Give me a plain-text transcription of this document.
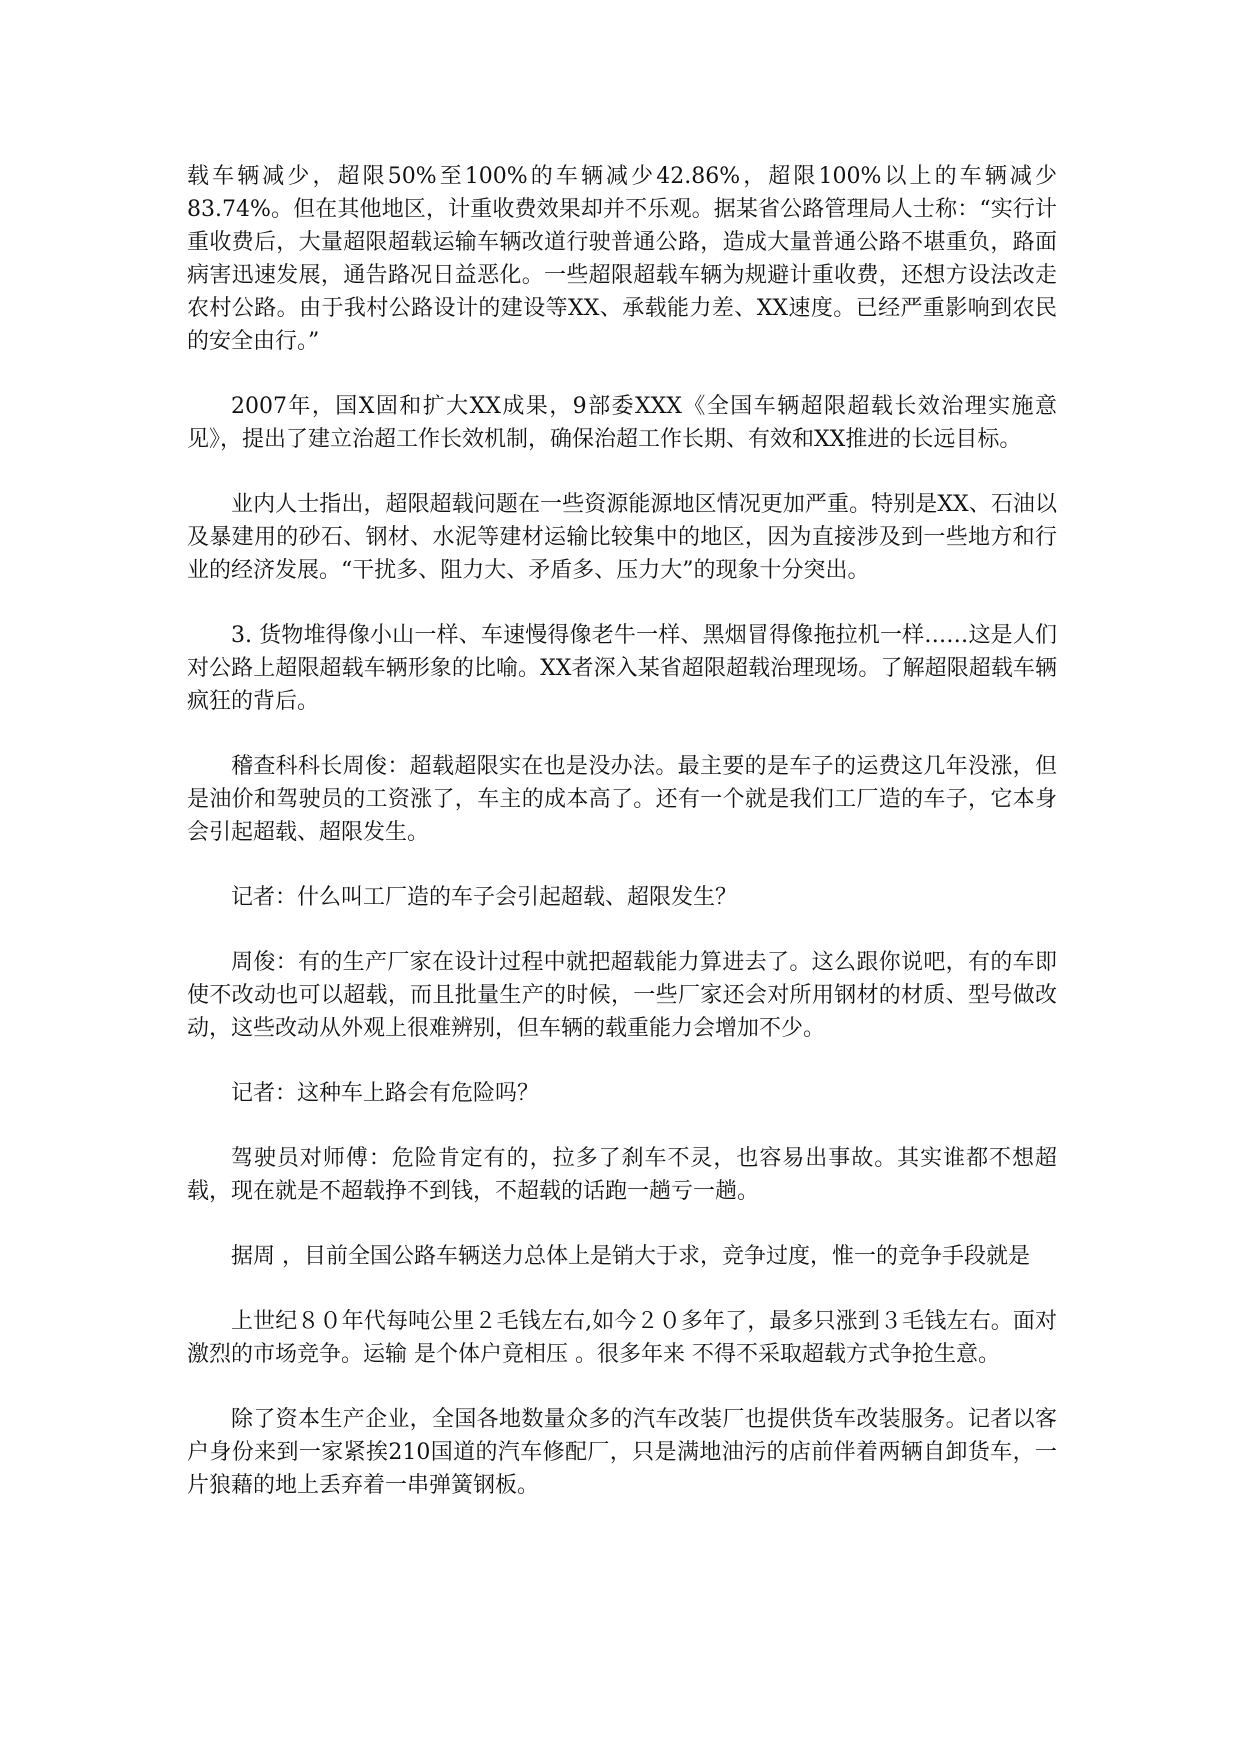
载车辆减少，超限50%至100%的车辆减少42.86%，超限100%以上的车辆减少83.74%。但在其他地区，计重收费效果却并不乐观。据某省公路管理局人士称：“实行计重收费后，大量超限超载运输车辆改道行驶普通公路，造成大量普通公路不堪重负，路面病害迅速发展，通告路况日益恶化。一些超限超载车辆为规避计重收费，还想方设法改走农村公路。由于我村公路设计的建设等XX、承载能力差、XX速度。已经严重影响到农民的安全由行。”

2007年，国X固和扩大XX成果，9部委XXX《全国车辆超限超载长效治理实施意见》，提出了建立治超工作长效机制，确保治超工作长期、有效和XX推进的长远目标。

业内人士指出，超限超载问题在一些资源能源地区情况更加严重。特别是XX、石油以及暴建用的砂石、钢材、水泥等建材运输比较集中的地区，因为直接涉及到一些地方和行业的经济发展。“干扰多、阻力大、矛盾多、压力大”的现象十分突出。

3. 货物堆得像小山一样、车速慢得像老牛一样、黑烟冒得像拖拉机一样……这是人们对公路上超限超载车辆形象的比喻。XX者深入某省超限超载治理现场。了解超限超载车辆疯狂的背后。

稽查科科长周俊：超载超限实在也是没办法。最主要的是车子的运费这几年没涨，但是油价和驾驶员的工资涨了，车主的成本高了。还有一个就是我们工厂造的车子，它本身会引起超载、超限发生。

记者：什么叫工厂造的车子会引起超载、超限发生？

周俊：有的生产厂家在设计过程中就把超载能力算进去了。这么跟你说吧，有的车即使不改动也可以超载，而且批量生产的时候，一些厂家还会对所用钢材的材质、型号做改动，这些改动从外观上很难辨别，但车辆的载重能力会增加不少。

记者：这种车上路会有危险吗？

驾驶员对师傅：危险肯定有的，拉多了刹车不灵，也容易出事故。其实谁都不想超载，现在就是不超载挣不到钱，不超载的话跑一趟亏一趟。

据周 ，目前全国公路车辆送力总体上是销大于求，竞争过度，惟一的竞争手段就是

上世纪８０年代每吨公里２毛钱左右,如今２０多年了，最多只涨到３毛钱左右。面对激烈的市场竞争。运输 是个体户竟相压 。很多年来 不得不采取超载方式争抢生意。

除了资本生产企业，全国各地数量众多的汽车改装厂也提供货车改装服务。记者以客户身份来到一家紧挨210国道的汽车修配厂，只是满地油污的店前伴着两辆自卸货车，一片狼藉的地上丢弃着一串弹簧钢板。
